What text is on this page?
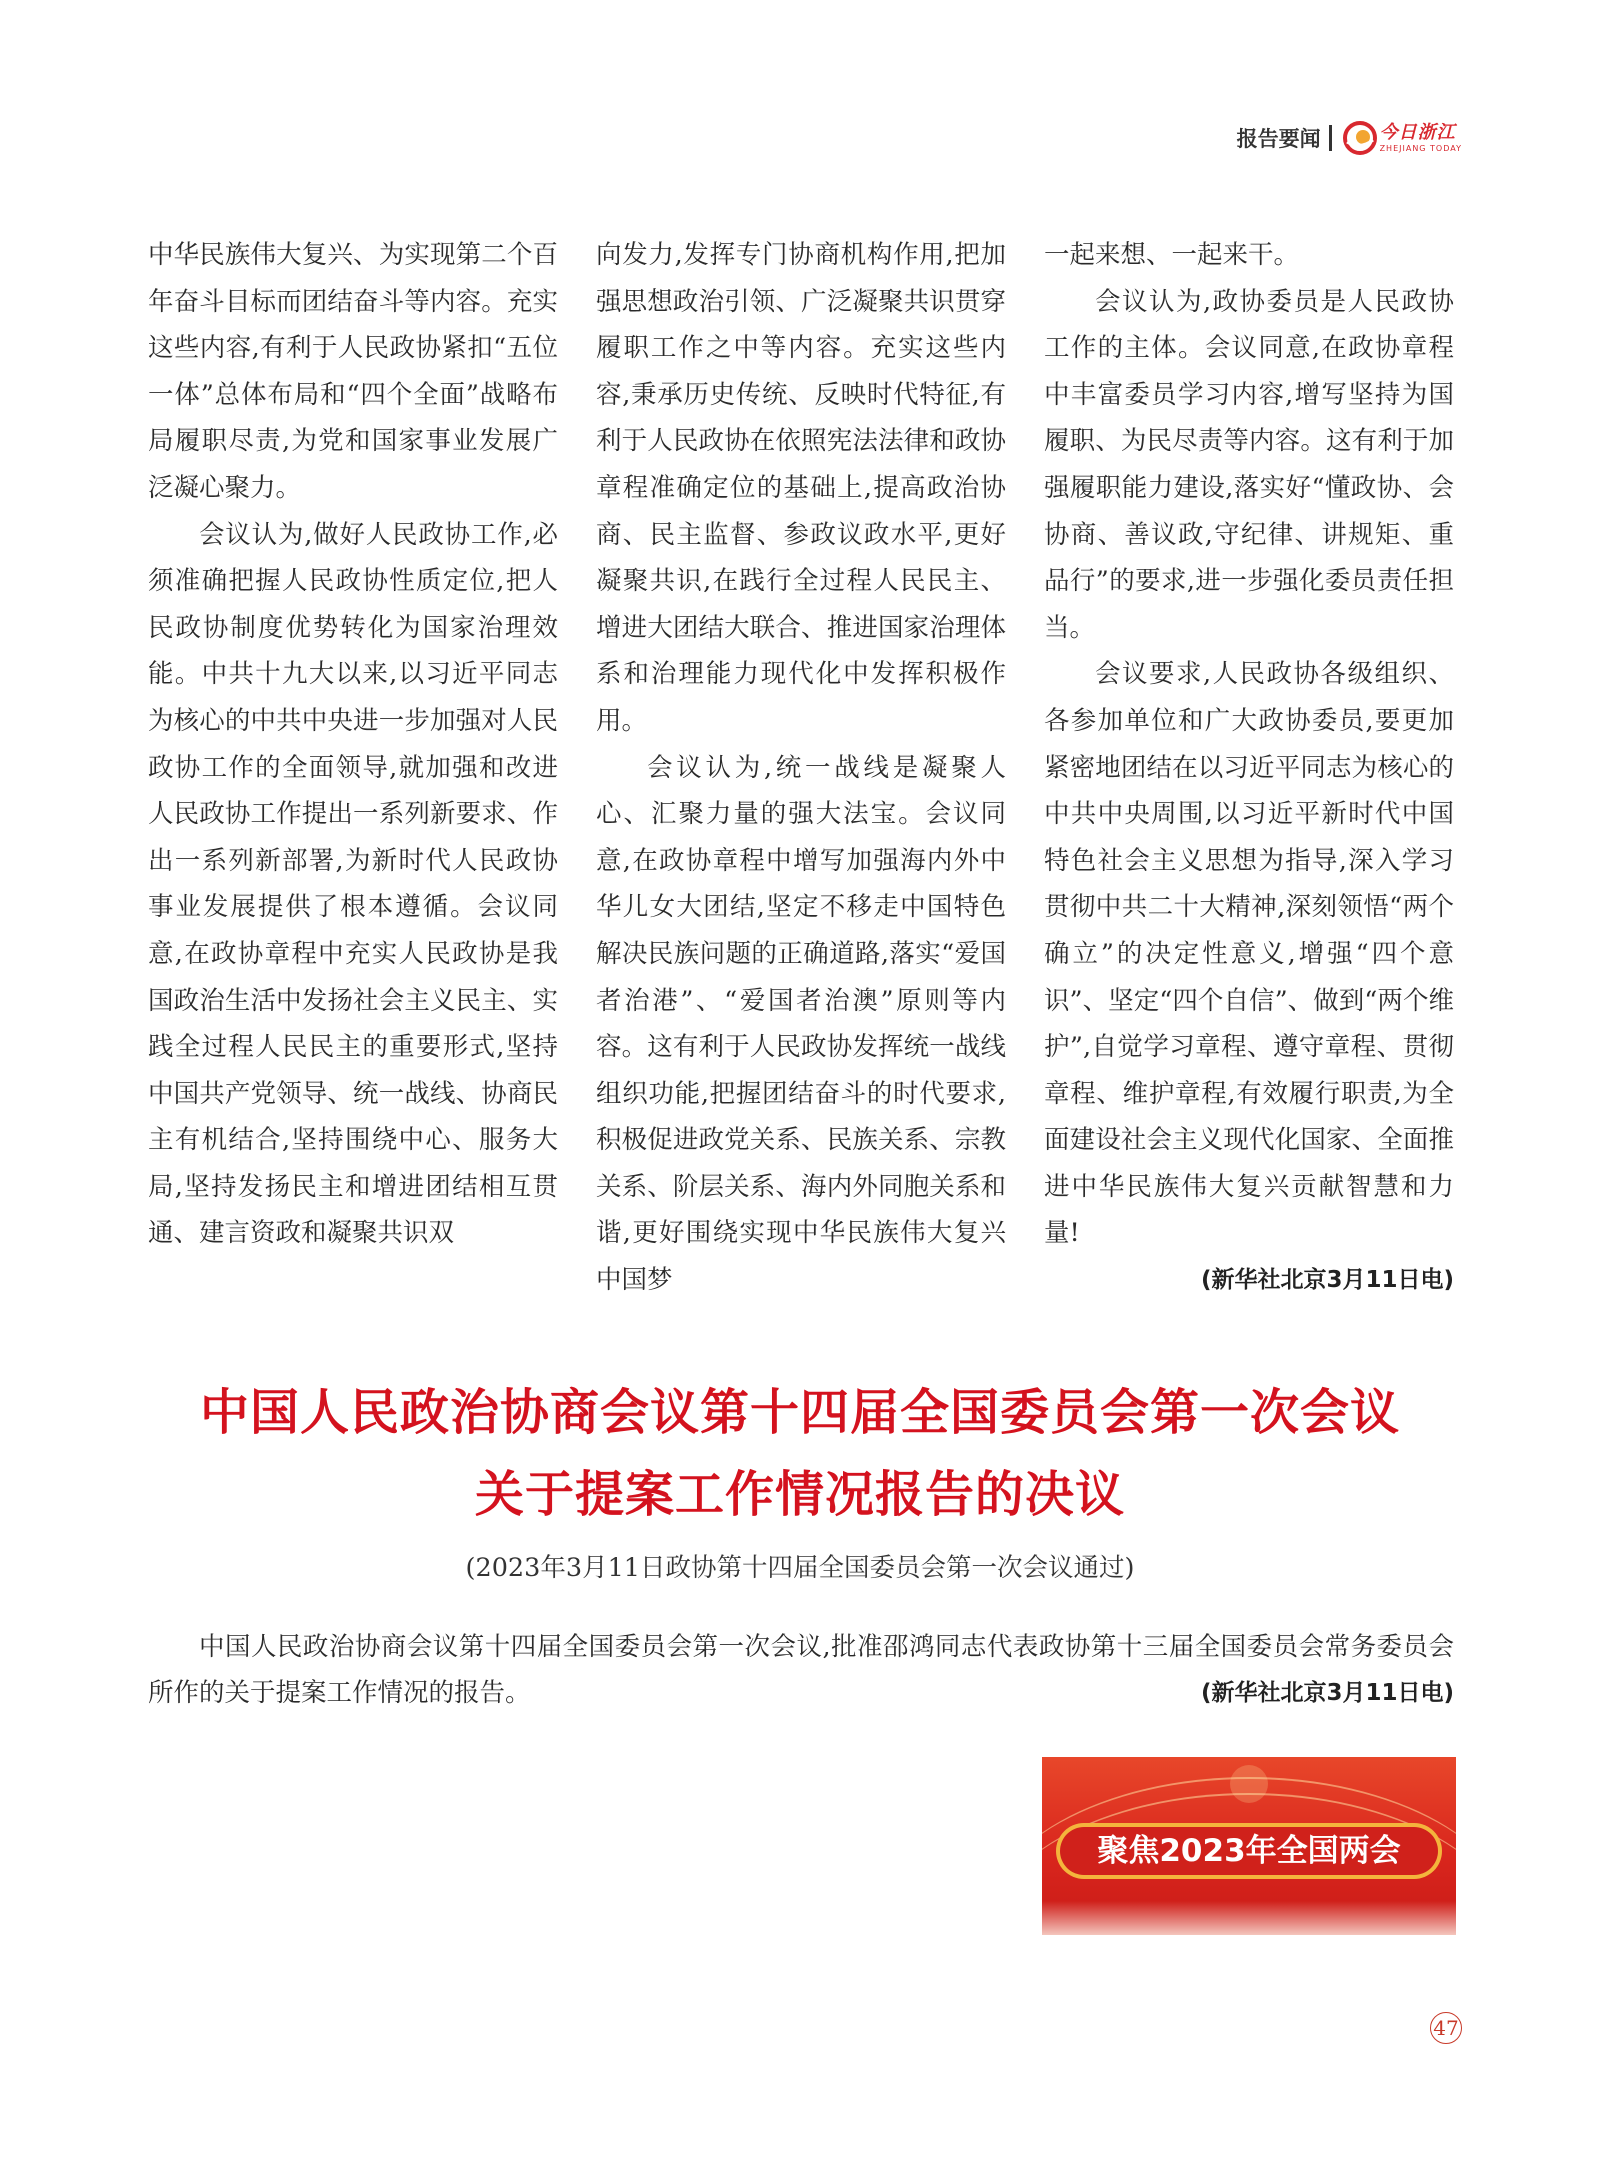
报告要闻	今日浙江
ZHEJIANG TODAY

中华民族伟大复兴、为实现第二个百年奋斗目标而团结奋斗等内容。充实这些内容,有利于人民政协紧扣“五位一体”总体布局和“四个全面”战略布局履职尽责,为党和国家事业发展广泛凝心聚力。

会议认为,做好人民政协工作,必须准确把握人民政协性质定位,把人民政协制度优势转化为国家治理效能。中共十九大以来,以习近平同志为核心的中共中央进一步加强对人民政协工作的全面领导,就加强和改进人民政协工作提出一系列新要求、作出一系列新部署,为新时代人民政协事业发展提供了根本遵循。会议同意,在政协章程中充实人民政协是我国政治生活中发扬社会主义民主、实践全过程人民民主的重要形式,坚持中国共产党领导、统一战线、协商民主有机结合,坚持围绕中心、服务大局,坚持发扬民主和增进团结相互贯通、建言资政和凝聚共识双

向发力,发挥专门协商机构作用,把加强思想政治引领、广泛凝聚共识贯穿履职工作之中等内容。充实这些内容,秉承历史传统、反映时代特征,有利于人民政协在依照宪法法律和政协章程准确定位的基础上,提高政治协商、民主监督、参政议政水平,更好凝聚共识,在践行全过程人民民主、增进大团结大联合、推进国家治理体系和治理能力现代化中发挥积极作用。

会议认为,统一战线是凝聚人心、汇聚力量的强大法宝。会议同意,在政协章程中增写加强海内外中华儿女大团结,坚定不移走中国特色解决民族问题的正确道路,落实“爱国者治港”、“爱国者治澳”原则等内容。这有利于人民政协发挥统一战线组织功能,把握团结奋斗的时代要求,积极促进政党关系、民族关系、宗教关系、阶层关系、海内外同胞关系和谐,更好围绕实现中华民族伟大复兴中国梦

一起来想、一起来干。

会议认为,政协委员是人民政协工作的主体。会议同意,在政协章程中丰富委员学习内容,增写坚持为国履职、为民尽责等内容。这有利于加强履职能力建设,落实好“懂政协、会协商、善议政,守纪律、讲规矩、重品行”的要求,进一步强化委员责任担当。

会议要求,人民政协各级组织、各参加单位和广大政协委员,要更加紧密地团结在以习近平同志为核心的中共中央周围,以习近平新时代中国特色社会主义思想为指导,深入学习贯彻中共二十大精神,深刻领悟“两个确立”的决定性意义,增强“四个意识”、坚定“四个自信”、做到“两个维护”,自觉学习章程、遵守章程、贯彻章程、维护章程,有效履行职责,为全面建设社会主义现代化国家、全面推进中华民族伟大复兴贡献智慧和力量!

(新华社北京3月11日电)
中国人民政治协商会议第十四届全国委员会第一次会议
关于提案工作情况报告的决议
(2023年3月11日政协第十四届全国委员会第一次会议通过)

中国人民政治协商会议第十四届全国委员会第一次会议,批准邵鸿同志代表政协第十三届全国委员会常务委员会所作的关于提案工作情况的报告。	(新华社北京3月11日电)
聚焦2023年全国两会
47
